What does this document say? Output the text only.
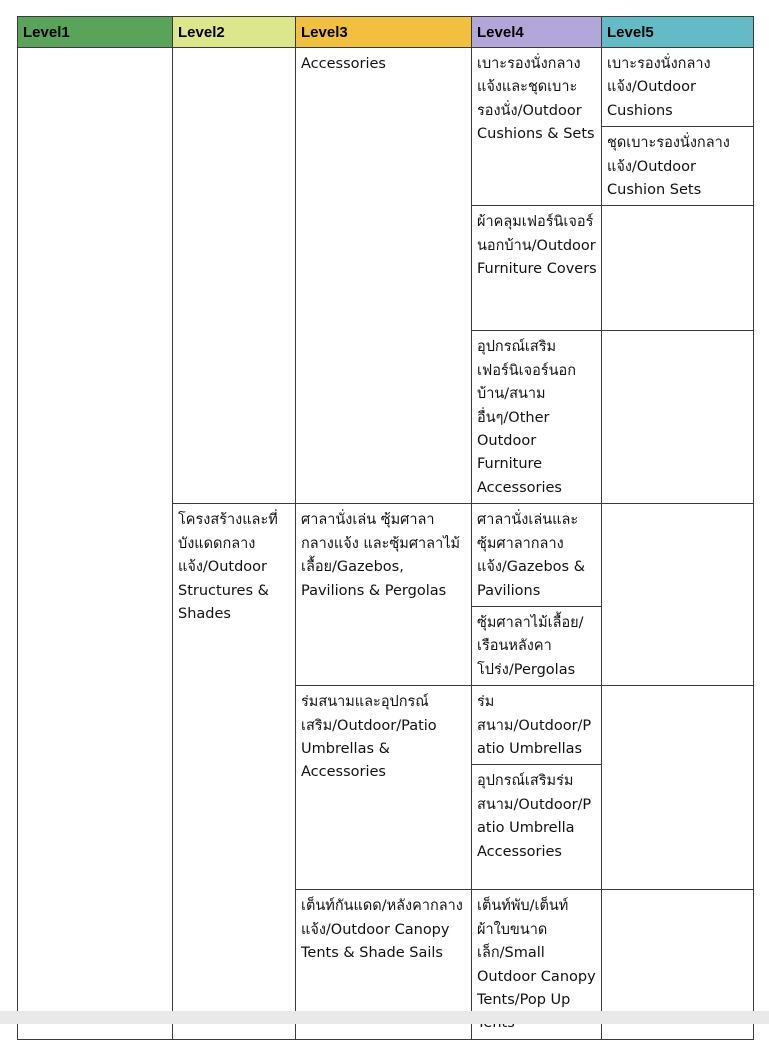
Level1	Level2	Level3	Level4	Level5
		Accessories	เบาะรองนั่งกลางแจ้งและชุดเบาะรองนั่ง/Outdoor Cushions & Sets	เบาะรองนั่งกลางแจ้ง/Outdoor Cushions
				ชุดเบาะรองนั่งกลางแจ้ง/Outdoor Cushion Sets
			ผ้าคลุมเฟอร์นิเจอร์นอกบ้าน/Outdoor Furniture Covers	
			อุปกรณ์เสริมเฟอร์นิเจอร์นอกบ้าน/สนามอื่นๆ/Other Outdoor Furniture Accessories	
	โครงสร้างและที่บังแดดกลางแจ้ง/Outdoor Structures & Shades	ศาลานั่งเล่น ซุ้มศาลากลางแจ้ง และซุ้มศาลาไม้เลื้อย/Gazebos, Pavilions & Pergolas	ศาลานั่งเล่นและซุ้มศาลากลางแจ้ง/Gazebos & Pavilions	
			ซุ้มศาลาไม้เลื้อย/เรือนหลังคาโปร่ง/Pergolas	
		ร่มสนามและอุปกรณ์เสริม/Outdoor/Patio Umbrellas & Accessories	ร่มสนาม/Outdoor/Patio Umbrellas	
			อุปกรณ์เสริมร่มสนาม/Outdoor/Patio Umbrella Accessories	
		เต็นท์กันแดด/หลังคากลางแจ้ง/Outdoor Canopy Tents & Shade Sails	เต็นท์พับ/เต็นท์ผ้าใบขนาดเล็ก/Small Outdoor Canopy Tents/Pop Up	
